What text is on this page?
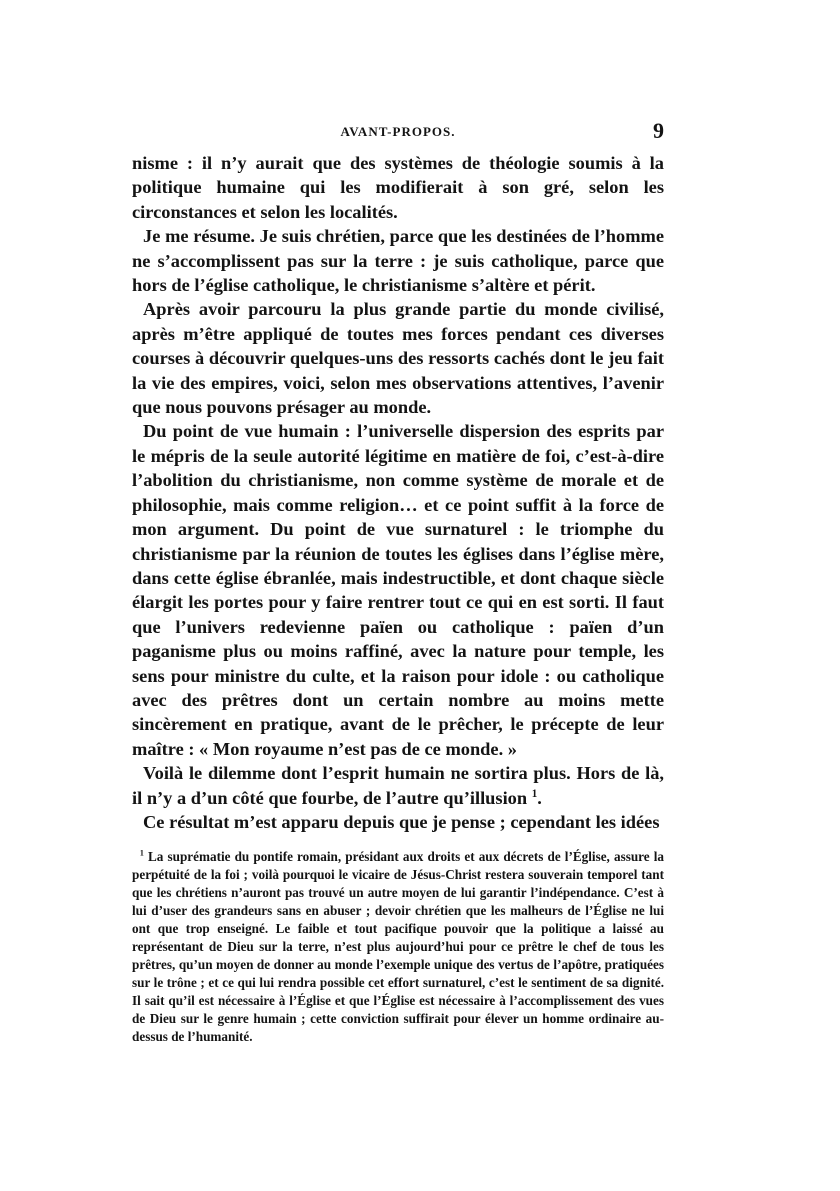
AVANT-PROPOS.	9

nisme : il n’y aurait que des systèmes de théologie soumis à la politique humaine qui les modifierait à son gré, selon les circonstances et selon les localités.

Je me résume. Je suis chrétien, parce que les destinées de l’homme ne s’accomplissent pas sur la terre : je suis catholique, parce que hors de l’église catholique, le christianisme s’altère et périt.

Après avoir parcouru la plus grande partie du monde civilisé, après m’être appliqué de toutes mes forces pendant ces diverses courses à découvrir quelques-uns des ressorts cachés dont le jeu fait la vie des empires, voici, selon mes observations attentives, l’avenir que nous pouvons présager au monde.

Du point de vue humain : l’universelle dispersion des esprits par le mépris de la seule autorité légitime en matière de foi, c’est-à-dire l’abolition du christianisme, non comme système de morale et de philosophie, mais comme religion… et ce point suffit à la force de mon argument. Du point de vue surnaturel : le triomphe du christianisme par la réunion de toutes les églises dans l’église mère, dans cette église ébranlée, mais indestructible, et dont chaque siècle élargit les portes pour y faire rentrer tout ce qui en est sorti. Il faut que l’univers redevienne païen ou catholique : païen d’un paganisme plus ou moins raffiné, avec la nature pour temple, les sens pour ministre du culte, et la raison pour idole : ou catholique avec des prêtres dont un certain nombre au moins mette sincèrement en pratique, avant de le prêcher, le précepte de leur maître : « Mon royaume n’est pas de ce monde. »

Voilà le dilemme dont l’esprit humain ne sortira plus. Hors de là, il n’y a d’un côté que fourbe, de l’autre qu’illusion $^1$.

Ce résultat m’est apparu depuis que je pense ; cependant les idées

$^1$ La suprématie du pontife romain, présidant aux droits et aux décrets de l’Église, assure la perpétuité de la foi ; voilà pourquoi le vicaire de Jésus-Christ restera souverain temporel tant que les chrétiens n’auront pas trouvé un autre moyen de lui garantir l’indépendance. C’est à lui d’user des grandeurs sans en abuser ; devoir chrétien que les malheurs de l’Église ne lui ont que trop enseigné. Le faible et tout pacifique pouvoir que la politique a laissé au représentant de Dieu sur la terre, n’est plus aujourd’hui pour ce prêtre le chef de tous les prêtres, qu’un moyen de donner au monde l’exemple unique des vertus de l’apôtre, pratiquées sur le trône ; et ce qui lui rendra possible cet effort surnaturel, c’est le sentiment de sa dignité. Il sait qu’il est nécessaire à l’Église et que l’Église est nécessaire à l’accomplissement des vues de Dieu sur le genre humain ; cette conviction suffirait pour élever un homme ordinaire au-dessus de l’humanité.
